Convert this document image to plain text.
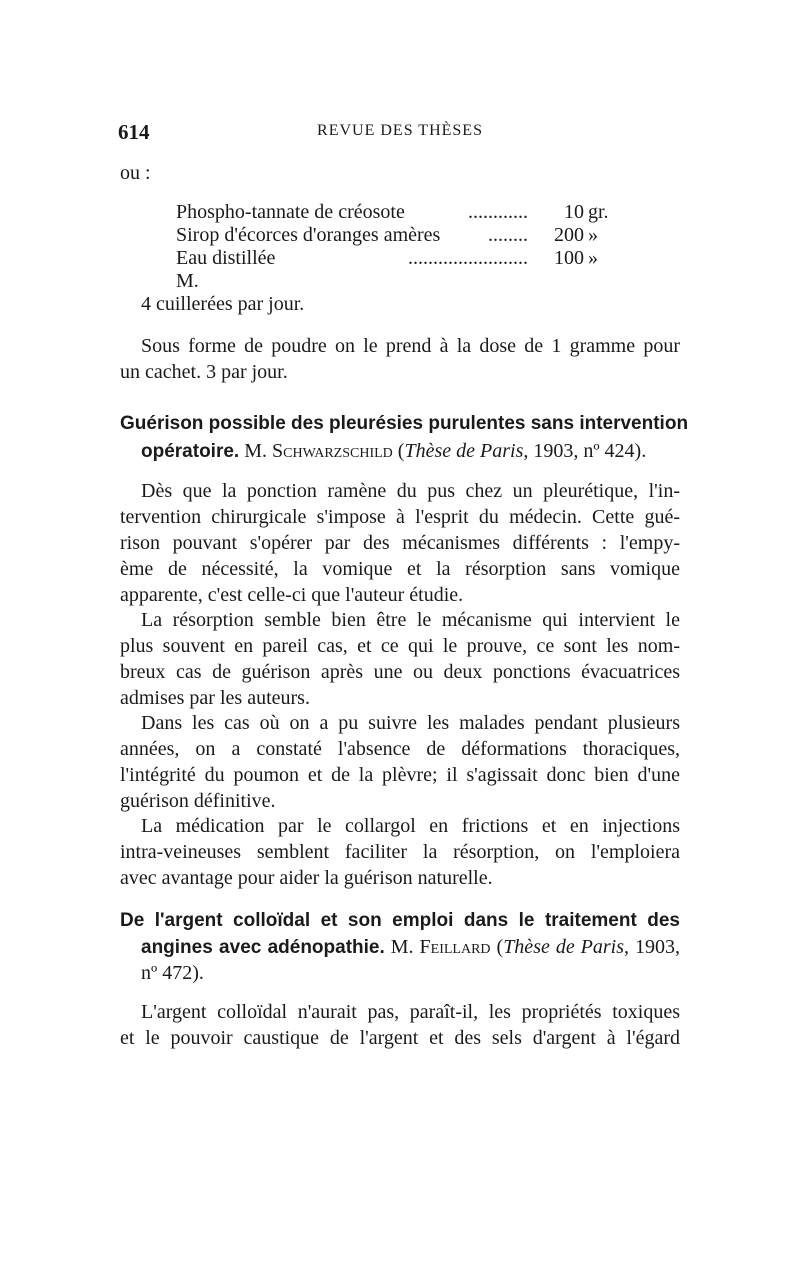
614	REVUE DES THÈSES
ou :
Phospho-tannate de créosote	............	10 gr.
Sirop d'écorces d'oranges amères ........	200 »
Eau distillée	........................	100 »
M.
4 cuillerées par jour.
Sous forme de poudre on le prend à la dose de 1 gramme pour
un cachet. 3 par jour.
Guérison possible des pleurésies purulentes sans intervention
opératoire. M. Schwarzschild (Thèse de Paris, 1903, nº 424).
Dès que la ponction ramène du pus chez un pleurétique, l'in-
tervention chirurgicale s'impose à l'esprit du médecin. Cette gué-
rison pouvant s'opérer par des mécanismes différents : l'empy-
ème de nécessité, la vomique et la résorption sans vomique
apparente, c'est celle-ci que l'auteur étudie.
La résorption semble bien être le mécanisme qui intervient le
plus souvent en pareil cas, et ce qui le prouve, ce sont les nom-
breux cas de guérison après une ou deux ponctions évacuatrices
admises par les auteurs.
Dans les cas où on a pu suivre les malades pendant plusieurs
années, on a constaté l'absence de déformations thoraciques,
l'intégrité du poumon et de la plèvre; il s'agissait donc bien d'une
guérison définitive.
La médication par le collargol en frictions et en injections
intra-veineuses semblent faciliter la résorption, on l'emploiera
avec avantage pour aider la guérison naturelle.
De l'argent colloïdal et son emploi dans le traitement des
angines avec adénopathie. M. Feillard (Thèse de Paris, 1903,
nº 472).
L'argent colloïdal n'aurait pas, paraît-il, les propriétés toxiques
et le pouvoir caustique de l'argent et des sels d'argent à l'égard
